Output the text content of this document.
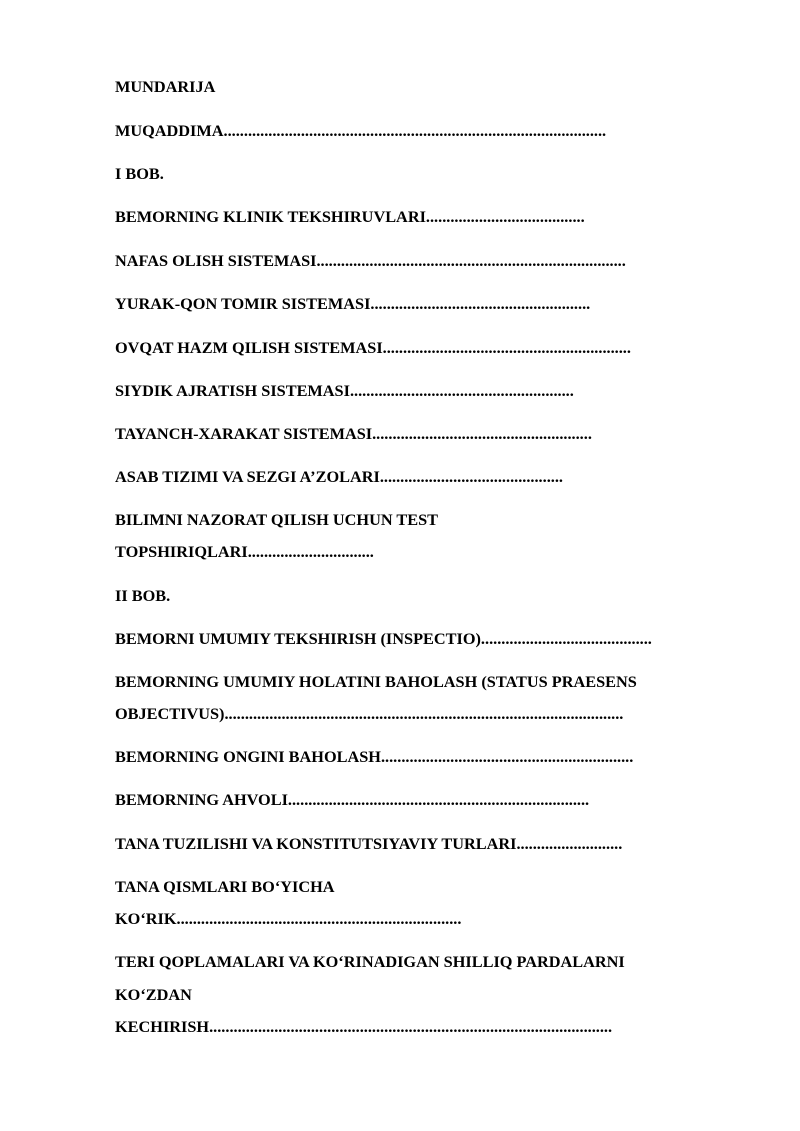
MUNDARIJA

MUQADDIMA..............................................................................................

I BOB.

BEMORNING KLINIK TEKSHIRUVLARI.......................................

NAFAS OLISH SISTEMASI............................................................................

YURAK-QON TOMIR SISTEMASI......................................................

OVQAT HAZM QILISH SISTEMASI.............................................................

SIYDIK AJRATISH SISTEMASI.......................................................

TAYANCH-XARAKAT SISTEMASI......................................................

ASAB TIZIMI VA SEZGI A’ZOLARI.............................................

BILIMNI NAZORAT QILISH UCHUN TEST

TOPSHIRIQLARI...............................

II BOB.

BEMORNI UMUMIY TEKSHIRISH (INSPECTIO)..........................................

BEMORNING UMUMIY HOLATINI BAHOLASH (STATUS PRAESENS

OBJECTIVUS)..................................................................................................

BEMORNING ONGINI BAHOLASH..............................................................

BEMORNING AHVOLI..........................................................................

TANA TUZILISHI VA KONSTITUTSIYAVIY TURLARI..........................

TANA QISMLARI BO‘YICHA

KO‘RIK......................................................................

TERI QOPLAMALARI VA KO‘RINADIGAN SHILLIQ PARDALARNI

KO‘ZDAN

KECHIRISH...................................................................................................
